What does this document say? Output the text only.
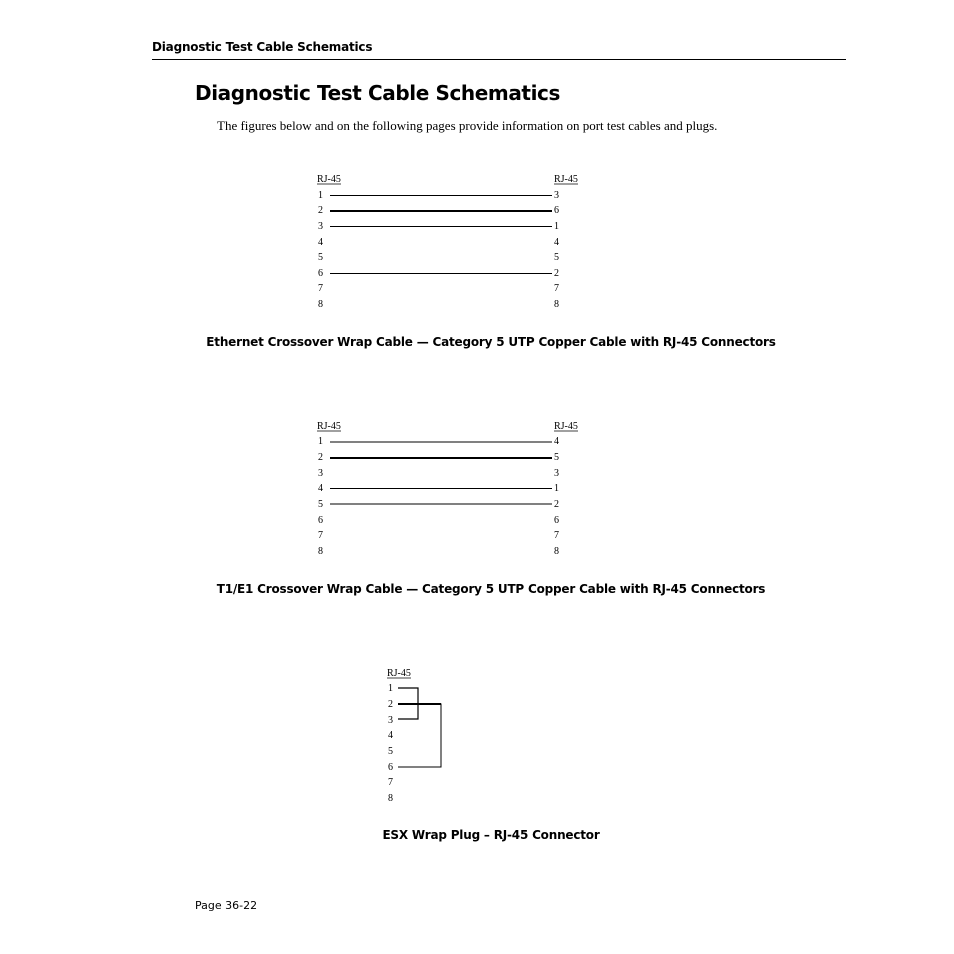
Diagnostic Test Cable Schematics
Diagnostic Test Cable Schematics

The figures below and on the following pages provide information on port test cables and plugs.

RJ-45	RJ-45
1
2
3
4
5
6
7
8
3
6
1
4
5
2
7
8
RJ-45	RJ-45
1
2
3
4
5
6
7
8
4
5
3
1
2
6
7
8
RJ-45
1
2
3
4
5
6
7
8
Ethernet Crossover Wrap Cable — Category 5 UTP Copper Cable with RJ-45 Connectors
T1/E1 Crossover Wrap Cable — Category 5 UTP Copper Cable with RJ-45 Connectors
ESX Wrap Plug – RJ-45 Connector
Page 36-22
